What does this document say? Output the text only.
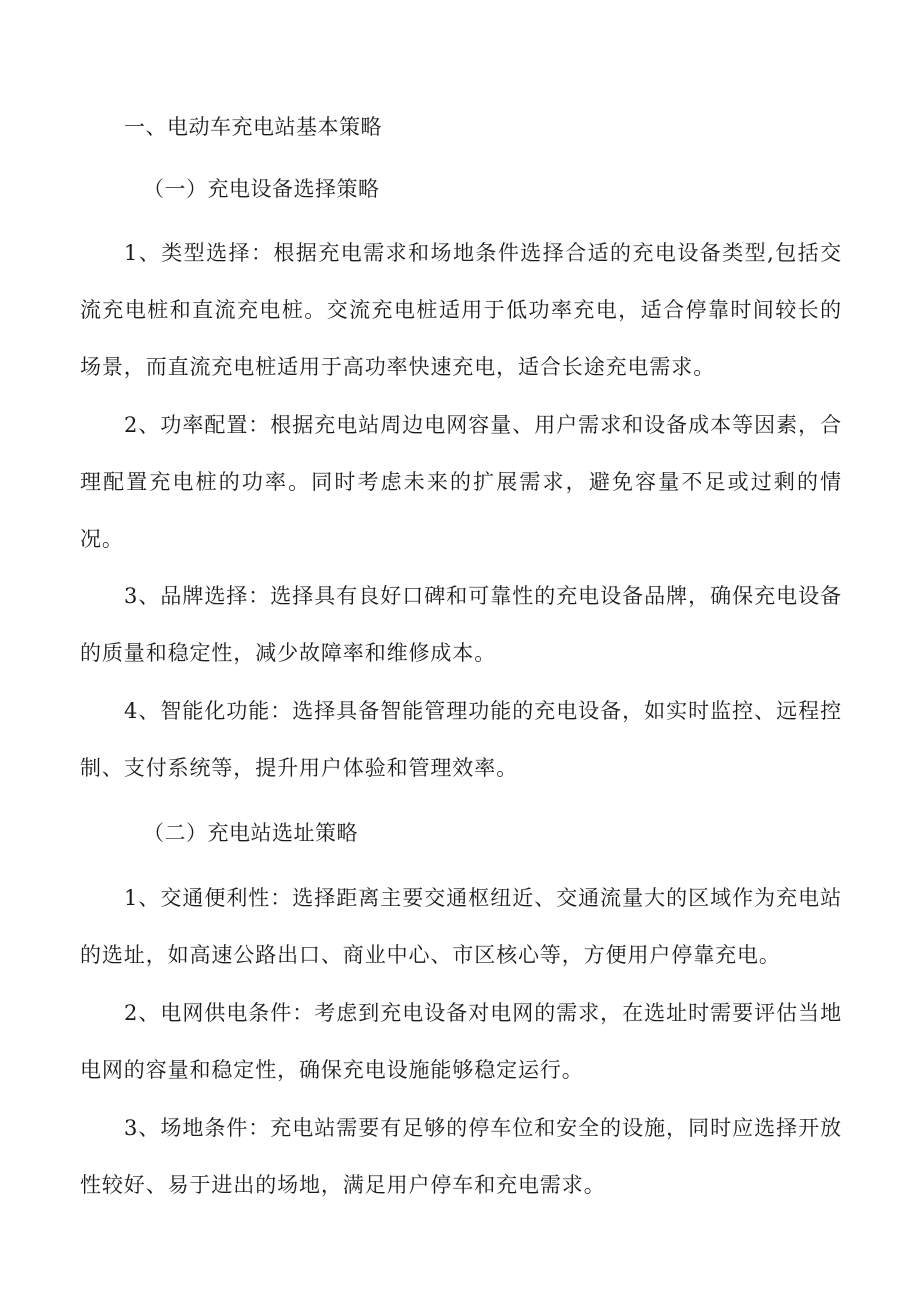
一、电动车充电站基本策略
（一）充电设备选择策略
1、类型选择：根据充电需求和场地条件选择合适的充电设备类型,包括交流充电桩和直流充电桩。交流充电桩适用于低功率充电，适合停靠时间较长的场景，而直流充电桩适用于高功率快速充电，适合长途充电需求。
2、功率配置：根据充电站周边电网容量、用户需求和设备成本等因素，合理配置充电桩的功率。同时考虑未来的扩展需求，避免容量不足或过剩的情况。
3、品牌选择：选择具有良好口碑和可靠性的充电设备品牌，确保充电设备的质量和稳定性，减少故障率和维修成本。
4、智能化功能：选择具备智能管理功能的充电设备，如实时监控、远程控制、支付系统等，提升用户体验和管理效率。
（二）充电站选址策略
1、交通便利性：选择距离主要交通枢纽近、交通流量大的区域作为充电站的选址，如高速公路出口、商业中心、市区核心等，方便用户停靠充电。
2、电网供电条件：考虑到充电设备对电网的需求，在选址时需要评估当地电网的容量和稳定性，确保充电设施能够稳定运行。
3、场地条件：充电站需要有足够的停车位和安全的设施，同时应选择开放性较好、易于进出的场地，满足用户停车和充电需求。
